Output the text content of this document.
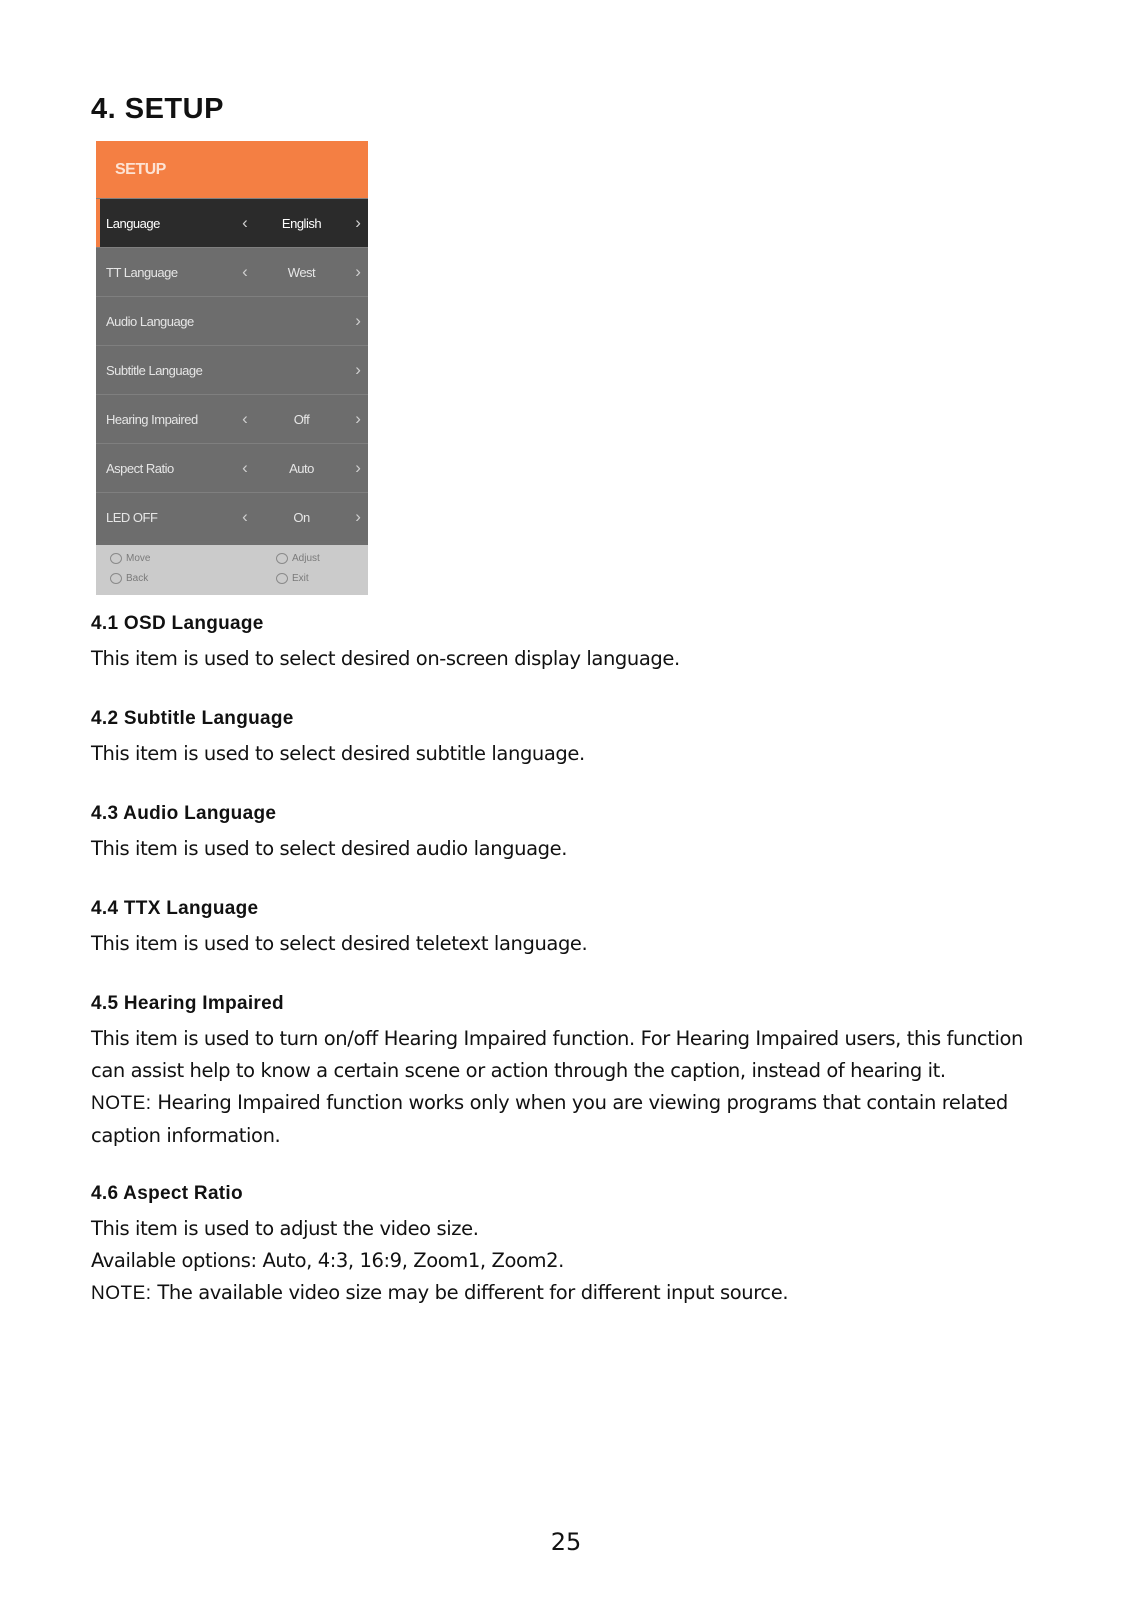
4. SETUP
SETUP
Language	‹	English	›
TT Language	‹	West	›
Audio Language	›
Subtitle Language	›
Hearing Impaired	‹	Off	›
Aspect Ratio	‹	Auto	›
LED OFF	‹	On	›
Move
Back
Adjust
Exit
4.1 OSD Language

This item is used to select desired on-screen display language.

4.2 Subtitle Language

This item is used to select desired subtitle language.

4.3 Audio Language

This item is used to select desired audio language.

4.4 TTX Language

This item is used to select desired teletext language.

4.5 Hearing Impaired

This item is used to turn on/off Hearing Impaired function. For Hearing Impaired users, this function can assist help to know a certain scene or action through the caption, instead of hearing it.

NOTE: Hearing Impaired function works only when you are viewing programs that contain related caption information.

4.6 Aspect Ratio

This item is used to adjust the video size.

Available options: Auto, 4:3, 16:9, Zoom1, Zoom2.

NOTE: The available video size may be different for different input source.

25
